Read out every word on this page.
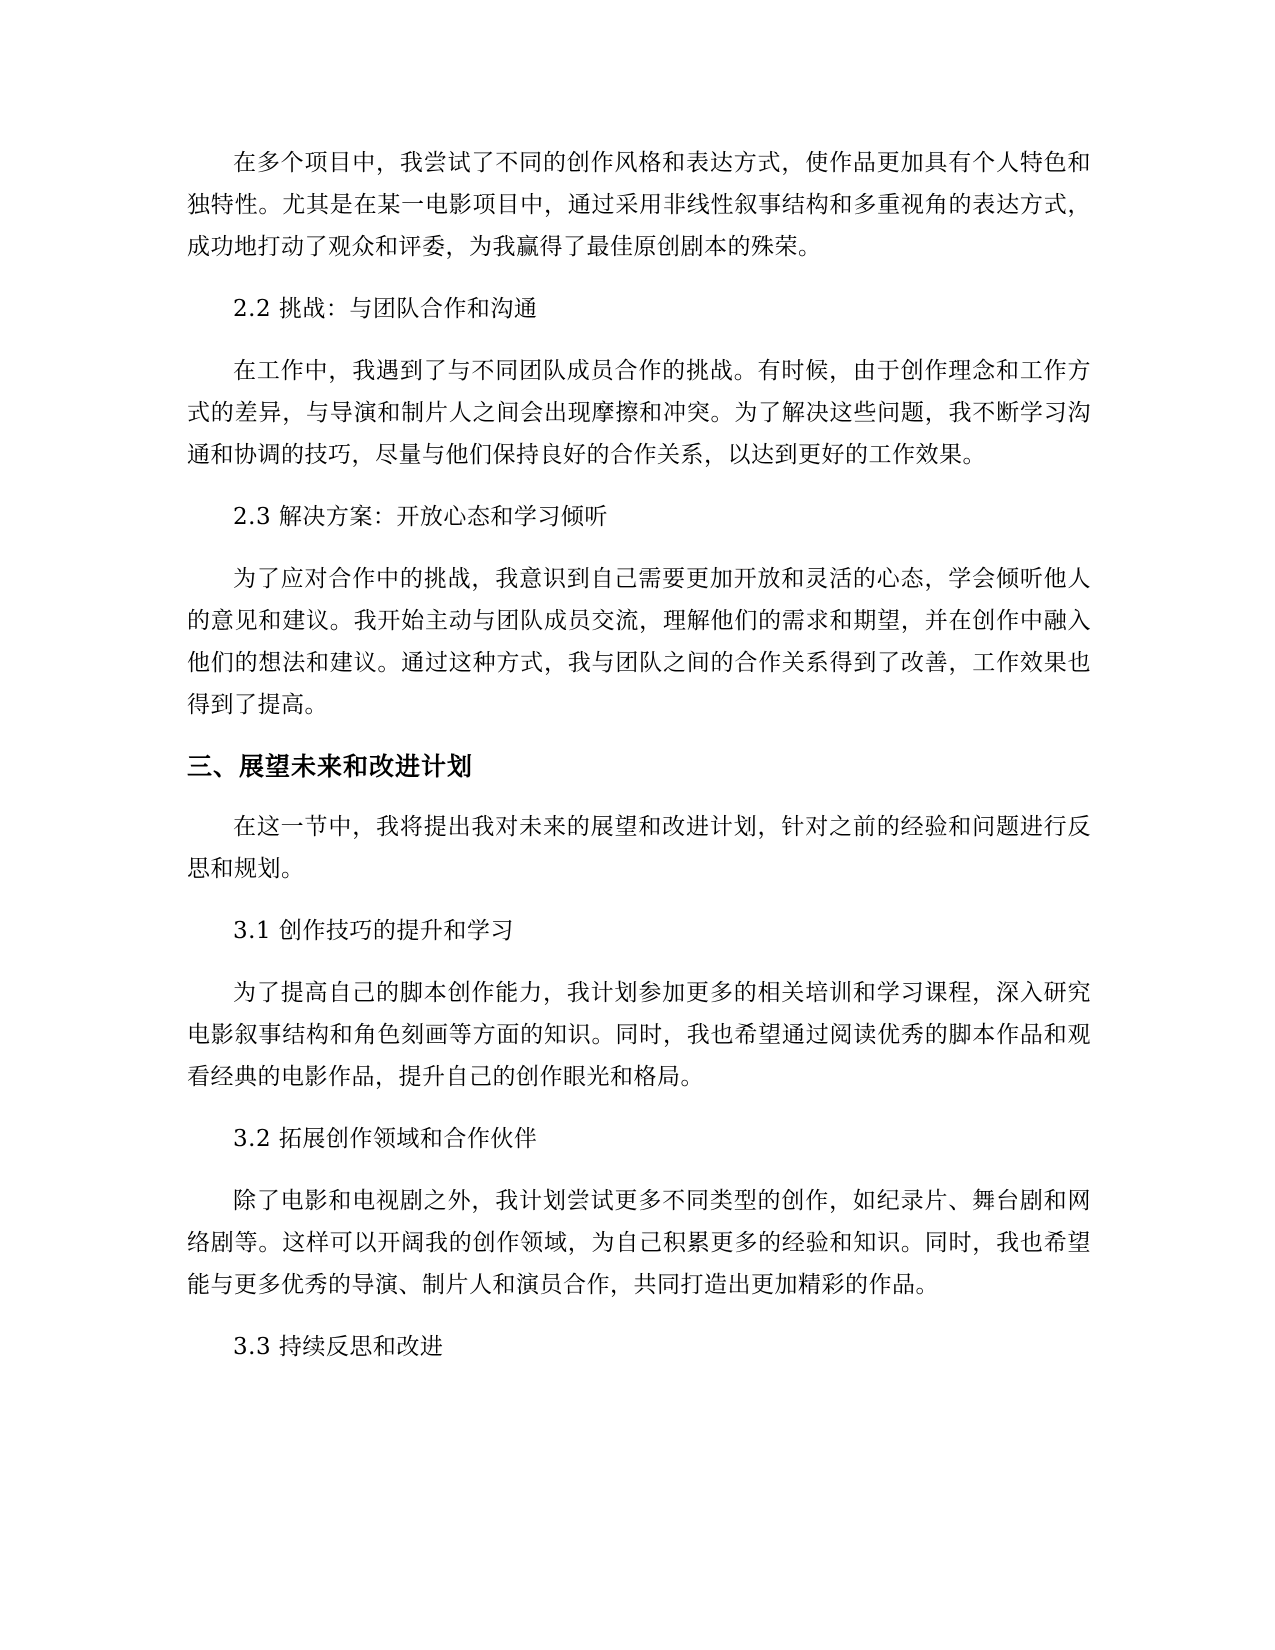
在多个项目中，我尝试了不同的创作风格和表达方式，使作品更加具有个人特色和独特性。尤其是在某一电影项目中，通过采用非线性叙事结构和多重视角的表达方式，成功地打动了观众和评委，为我赢得了最佳原创剧本的殊荣。

2.2 挑战：与团队合作和沟通

在工作中，我遇到了与不同团队成员合作的挑战。有时候，由于创作理念和工作方式的差异，与导演和制片人之间会出现摩擦和冲突。为了解决这些问题，我不断学习沟通和协调的技巧，尽量与他们保持良好的合作关系，以达到更好的工作效果。

2.3 解决方案：开放心态和学习倾听

为了应对合作中的挑战，我意识到自己需要更加开放和灵活的心态，学会倾听他人的意见和建议。我开始主动与团队成员交流，理解他们的需求和期望，并在创作中融入他们的想法和建议。通过这种方式，我与团队之间的合作关系得到了改善，工作效果也得到了提高。

三、展望未来和改进计划

在这一节中，我将提出我对未来的展望和改进计划，针对之前的经验和问题进行反思和规划。

3.1 创作技巧的提升和学习

为了提高自己的脚本创作能力，我计划参加更多的相关培训和学习课程，深入研究电影叙事结构和角色刻画等方面的知识。同时，我也希望通过阅读优秀的脚本作品和观看经典的电影作品，提升自己的创作眼光和格局。

3.2 拓展创作领域和合作伙伴

除了电影和电视剧之外，我计划尝试更多不同类型的创作，如纪录片、舞台剧和网络剧等。这样可以开阔我的创作领域，为自己积累更多的经验和知识。同时，我也希望能与更多优秀的导演、制片人和演员合作，共同打造出更加精彩的作品。

3.3 持续反思和改进
